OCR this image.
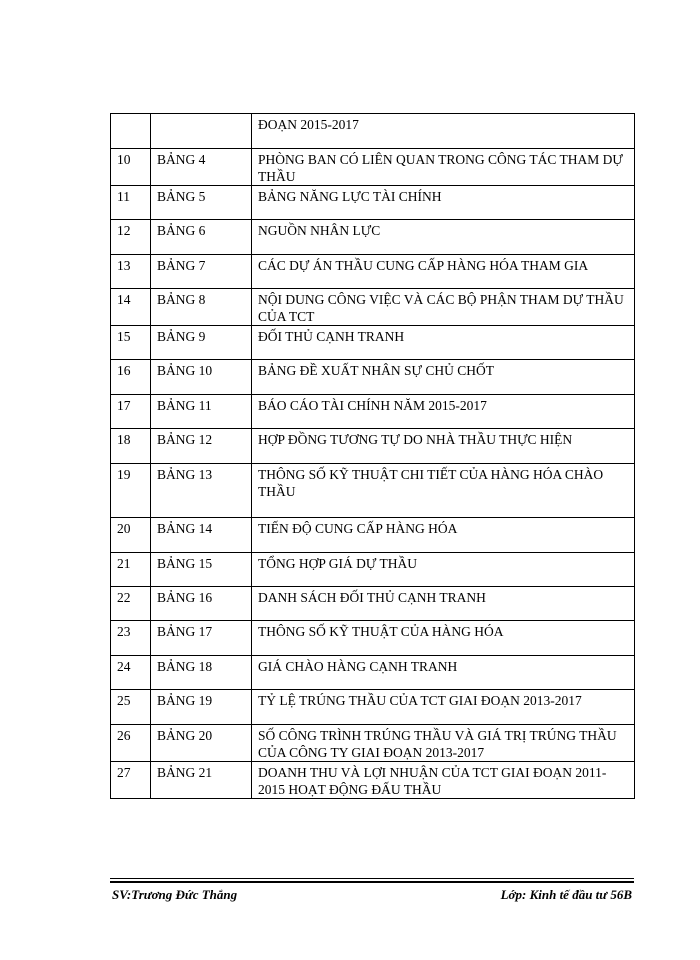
		ĐOẠN 2015-2017
10	BẢNG 4	PHÒNG BAN CÓ LIÊN QUAN TRONG CÔNG TÁC THAM DỰ THẦU
11	BẢNG 5	BẢNG NĂNG LỰC TÀI CHÍNH
12	BẢNG 6	NGUỒN NHÂN LỰC
13	BẢNG 7	CÁC DỰ ÁN THẦU CUNG CẤP HÀNG HÓA THAM GIA
14	BẢNG 8	NỘI DUNG CÔNG VIỆC VÀ CÁC BỘ PHẬN THAM DỰ THẦU CỦA TCT
15	BẢNG 9	ĐỐI THỦ CẠNH TRANH
16	BẢNG 10	BẢNG ĐỀ XUẤT NHÂN SỰ CHỦ CHỐT
17	BẢNG 11	BÁO CÁO TÀI CHÍNH NĂM 2015-2017
18	BẢNG 12	HỢP ĐỒNG TƯƠNG TỰ DO NHÀ THẦU THỰC HIỆN
19	BẢNG 13	THÔNG SỐ KỸ THUẬT CHI TIẾT CỦA HÀNG HÓA CHÀO THẦU
20	BẢNG 14	TIẾN ĐỘ CUNG CẤP HÀNG HÓA
21	BẢNG 15	TỔNG HỢP GIÁ DỰ THẦU
22	BẢNG 16	DANH SÁCH ĐỐI THỦ CẠNH TRANH
23	BẢNG 17	THÔNG SỐ KỸ THUẬT CỦA HÀNG HÓA
24	BẢNG 18	GIÁ CHÀO HÀNG CẠNH TRANH
25	BẢNG 19	TỶ LỆ TRÚNG THẦU CỦA TCT GIAI ĐOẠN 2013-2017
26	BẢNG 20	SỐ CÔNG TRÌNH TRÚNG THẦU VÀ GIÁ TRỊ TRÚNG THẦU CỦA CÔNG TY GIAI ĐOẠN 2013-2017
27	BẢNG 21	DOANH THU VÀ LỢI NHUẬN CỦA TCT GIAI ĐOẠN 2011-2015 HOẠT ĐỘNG ĐẤU THẦU
SV:Trương Đức Thắng	Lớp: Kinh tế đầu tư 56B
